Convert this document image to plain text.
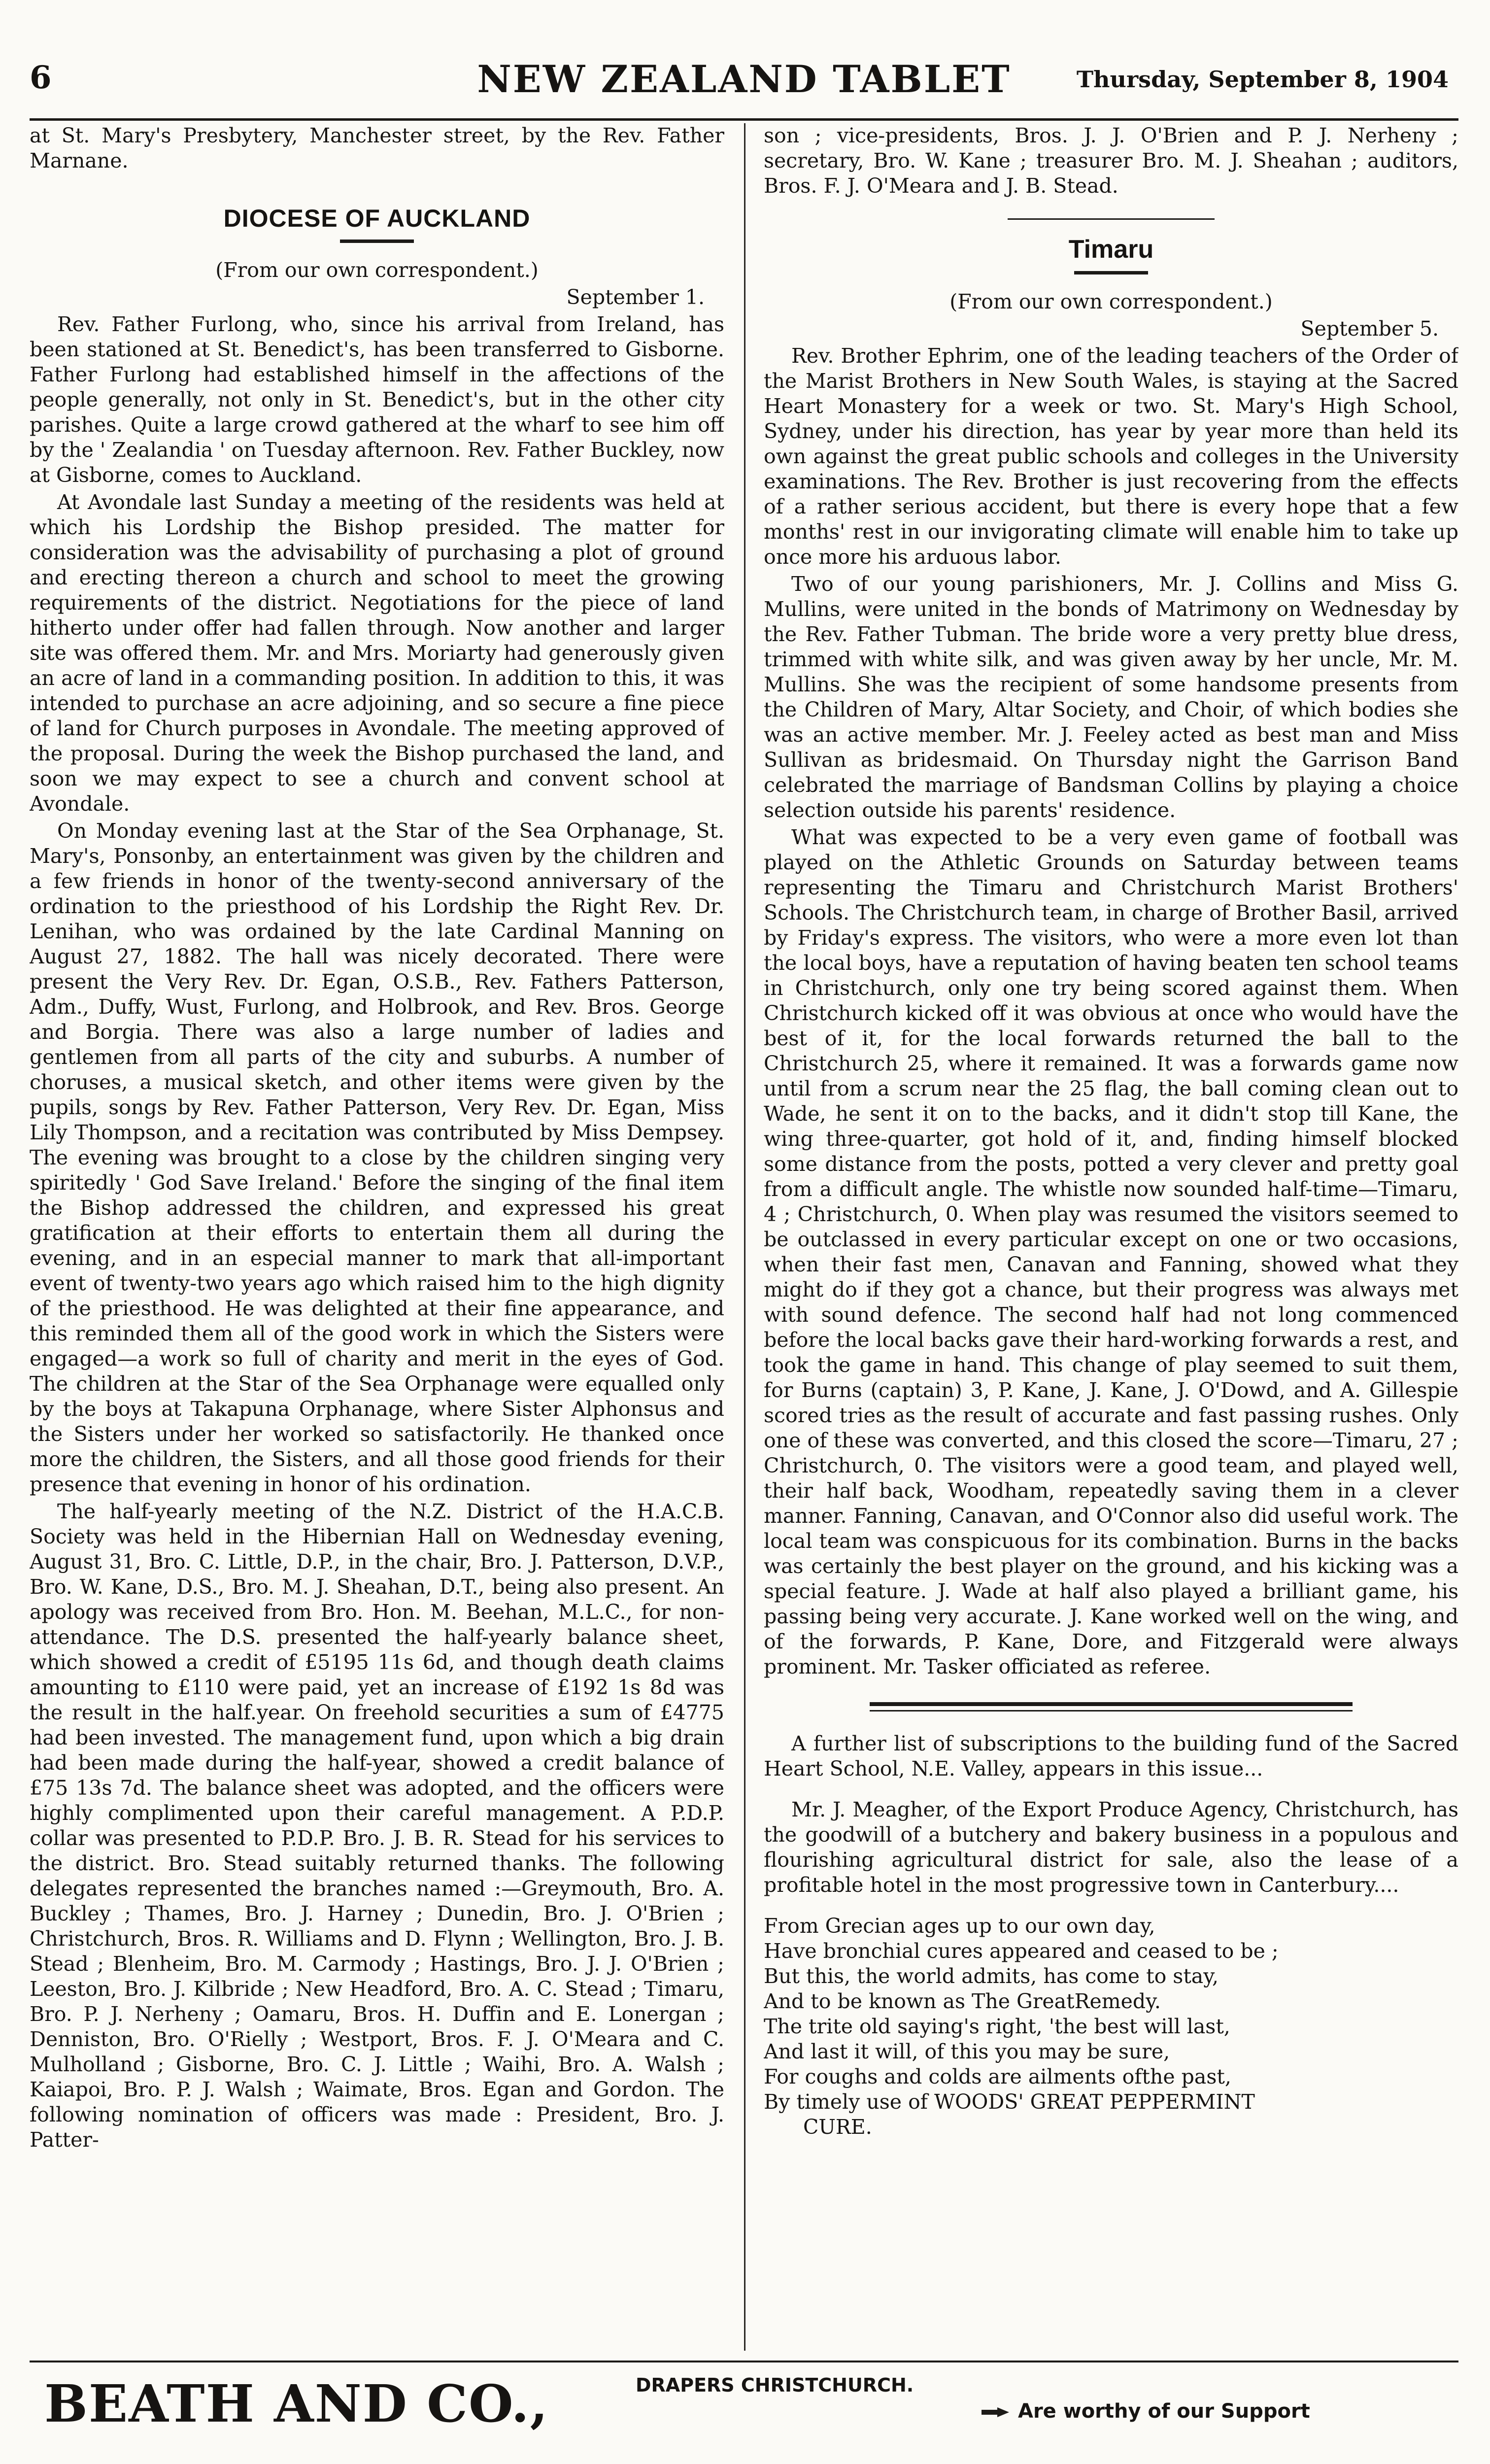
6	NEW ZEALAND TABLET	Thursday, September 8, 1904

at St. Mary's Presbytery, Manchester street, by the Rev. Father Marnane.

DIOCESE OF AUCKLAND

(From our own correspondent.)

September 1.

Rev. Father Furlong, who, since his arrival from Ireland, has been stationed at St. Benedict's, has been transferred to Gisborne. Father Furlong had established himself in the affections of the people generally, not only in St. Benedict's, but in the other city parishes. Quite a large crowd gathered at the wharf to see him off by the ' Zealandia ' on Tuesday afternoon. Rev. Father Buckley, now at Gisborne, comes to Auckland.

At Avondale last Sunday a meeting of the residents was held at which his Lordship the Bishop presided. The matter for consideration was the advisability of purchasing a plot of ground and erecting thereon a church and school to meet the growing requirements of the district. Negotiations for the piece of land hitherto under offer had fallen through. Now another and larger site was offered them. Mr. and Mrs. Moriarty had generously given an acre of land in a commanding position. In addition to this, it was intended to purchase an acre adjoining, and so secure a fine piece of land for Church purposes in Avondale. The meeting approved of the proposal. During the week the Bishop purchased the land, and soon we may expect to see a church and convent school at Avondale.

On Monday evening last at the Star of the Sea Orphanage, St. Mary's, Ponsonby, an entertainment was given by the children and a few friends in honor of the twenty-second anniversary of the ordination to the priesthood of his Lordship the Right Rev. Dr. Lenihan, who was ordained by the late Cardinal Manning on August 27, 1882. The hall was nicely decorated. There were present the Very Rev. Dr. Egan, O.S.B., Rev. Fathers Patterson, Adm., Duffy, Wust, Furlong, and Holbrook, and Rev. Bros. George and Borgia. There was also a large number of ladies and gentlemen from all parts of the city and suburbs. A number of choruses, a musical sketch, and other items were given by the pupils, songs by Rev. Father Patterson, Very Rev. Dr. Egan, Miss Lily Thompson, and a recitation was contributed by Miss Dempsey. The evening was brought to a close by the children singing very spiritedly ' God Save Ireland.' Before the singing of the final item the Bishop addressed the children, and expressed his great gratification at their efforts to entertain them all during the evening, and in an especial manner to mark that all-important event of twenty-two years ago which raised him to the high dignity of the priesthood. He was delighted at their fine appearance, and this reminded them all of the good work in which the Sisters were engaged—a work so full of charity and merit in the eyes of God. The children at the Star of the Sea Orphanage were equalled only by the boys at Takapuna Orphanage, where Sister Alphonsus and the Sisters under her worked so satisfactorily. He thanked once more the children, the Sisters, and all those good friends for their presence that evening in honor of his ordination.

The half-yearly meeting of the N.Z. District of the H.A.C.B. Society was held in the Hibernian Hall on Wednesday evening, August 31, Bro. C. Little, D.P., in the chair, Bro. J. Patterson, D.V.P., Bro. W. Kane, D.S., Bro. M. J. Sheahan, D.T., being also present. An apology was received from Bro. Hon. M. Beehan, M.L.C., for non-attendance. The D.S. presented the half-yearly balance sheet, which showed a credit of £5195 11s 6d, and though death claims amounting to £110 were paid, yet an increase of £192 1s 8d was the result in the half.year. On freehold securities a sum of £4775 had been invested. The management fund, upon which a big drain had been made during the half-year, showed a credit balance of £75 13s 7d. The balance sheet was adopted, and the officers were highly complimented upon their careful management. A P.D.P. collar was presented to P.D.P. Bro. J. B. R. Stead for his services to the district. Bro. Stead suitably returned thanks. The following delegates represented the branches named :—Greymouth, Bro. A. Buckley ; Thames, Bro. J. Harney ; Dunedin, Bro. J. O'Brien ; Christchurch, Bros. R. Williams and D. Flynn ; Wellington, Bro. J. B. Stead ; Blenheim, Bro. M. Carmody ; Hastings, Bro. J. J. O'Brien ; Leeston, Bro. J. Kilbride ; New Headford, Bro. A. C. Stead ; Timaru, Bro. P. J. Nerheny ; Oamaru, Bros. H. Duffin and E. Lonergan ; Denniston, Bro. O'Rielly ; Westport, Bros. F. J. O'Meara and C. Mulholland ; Gisborne, Bro. C. J. Little ; Waihi, Bro. A. Walsh ; Kaiapoi, Bro. P. J. Walsh ; Waimate, Bros. Egan and Gordon. The following nomination of officers was made : President, Bro. J. Patter-

son ; vice-presidents, Bros. J. J. O'Brien and P. J. Nerheny ; secretary, Bro. W. Kane ; treasurer Bro. M. J. Sheahan ; auditors, Bros. F. J. O'Meara and J. B. Stead.

Timaru

(From our own correspondent.)

September 5.

Rev. Brother Ephrim, one of the leading teachers of the Order of the Marist Brothers in New South Wales, is staying at the Sacred Heart Monastery for a week or two. St. Mary's High School, Sydney, under his direction, has year by year more than held its own against the great public schools and colleges in the University examinations. The Rev. Brother is just recovering from the effects of a rather serious accident, but there is every hope that a few months' rest in our invigorating climate will enable him to take up once more his arduous labor.

Two of our young parishioners, Mr. J. Collins and Miss G. Mullins, were united in the bonds of Matrimony on Wednesday by the Rev. Father Tubman. The bride wore a very pretty blue dress, trimmed with white silk, and was given away by her uncle, Mr. M. Mullins. She was the recipient of some handsome presents from the Children of Mary, Altar Society, and Choir, of which bodies she was an active member. Mr. J. Feeley acted as best man and Miss Sullivan as bridesmaid. On Thursday night the Garrison Band celebrated the marriage of Bandsman Collins by playing a choice selection outside his parents' residence.

What was expected to be a very even game of football was played on the Athletic Grounds on Saturday between teams representing the Timaru and Christchurch Marist Brothers' Schools. The Christchurch team, in charge of Brother Basil, arrived by Friday's express. The visitors, who were a more even lot than the local boys, have a reputation of having beaten ten school teams in Christchurch, only one try being scored against them. When Christchurch kicked off it was obvious at once who would have the best of it, for the local forwards returned the ball to the Christchurch 25, where it remained. It was a forwards game now until from a scrum near the 25 flag, the ball coming clean out to Wade, he sent it on to the backs, and it didn't stop till Kane, the wing three-quarter, got hold of it, and, finding himself blocked some distance from the posts, potted a very clever and pretty goal from a difficult angle. The whistle now sounded half-time—Timaru, 4 ; Christchurch, 0. When play was resumed the visitors seemed to be outclassed in every particular except on one or two occasions, when their fast men, Canavan and Fanning, showed what they might do if they got a chance, but their progress was always met with sound defence. The second half had not long commenced before the local backs gave their hard-working forwards a rest, and took the game in hand. This change of play seemed to suit them, for Burns (captain) 3, P. Kane, J. Kane, J. O'Dowd, and A. Gillespie scored tries as the result of accurate and fast passing rushes. Only one of these was converted, and this closed the score—Timaru, 27 ; Christchurch, 0. The visitors were a good team, and played well, their half back, Woodham, repeatedly saving them in a clever manner. Fanning, Canavan, and O'Connor also did useful work. The local team was conspicuous for its combination. Burns in the backs was certainly the best player on the ground, and his kicking was a special feature. J. Wade at half also played a brilliant game, his passing being very accurate. J. Kane worked well on the wing, and of the forwards, P. Kane, Dore, and Fitzgerald were always prominent. Mr. Tasker officiated as referee.

A further list of subscriptions to the building fund of the Sacred Heart School, N.E. Valley, appears in this issue...

Mr. J. Meagher, of the Export Produce Agency, Christchurch, has the goodwill of a butchery and bakery business in a populous and flourishing agricultural district for sale, also the lease of a profitable hotel in the most progressive town in Canterbury....

From Grecian ages up to our own day,

Have bronchial cures appeared and ceased to be ;

But this, the world admits, has come to stay,

And to be known as The GreatRemedy.

The trite old saying's right, 'the best will last,

And last it will, of this you may be sure,

For coughs and colds are ailments ofthe past,

By timely use of WOODS' GREAT PEPPERMINT

CURE.

BEATH AND CO.,	DRAPERS CHRISTCHURCH.
Are worthy of our Support
